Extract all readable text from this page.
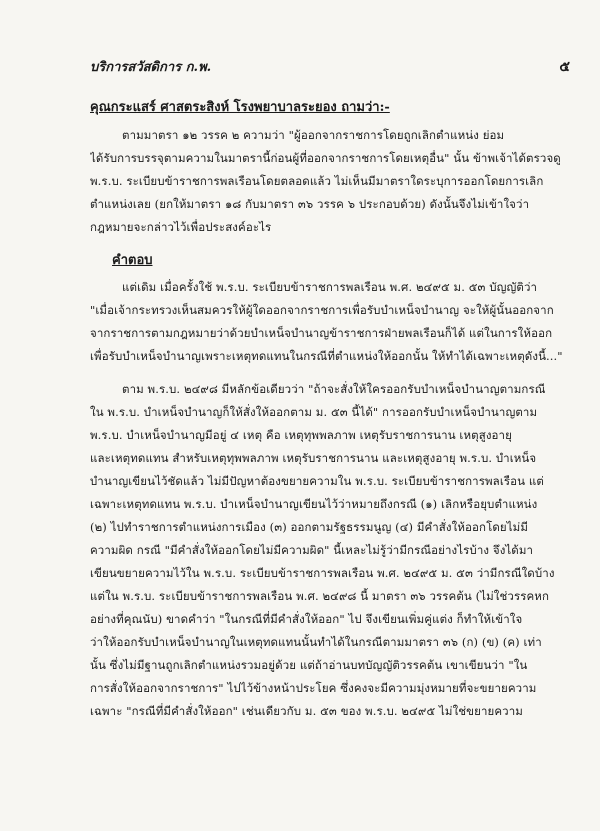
บริการสวัสดิการ ก.พ.	๕
คุณกระแสร์ ศาสตระสิงห์ โรงพยาบาลระยอง ถามว่า:-
ตามมาตรา ๑๒ วรรค ๒ ความว่า "ผู้ออกจากราชการโดยถูกเลิกตำแหน่ง ย่อม
ได้รับการบรรจุตามความในมาตรานี้ก่อนผู้ที่ออกจากราชการโดยเหตุอื่น" นั้น ข้าพเจ้าได้ตรวจดู
พ.ร.บ. ระเบียบข้าราชการพลเรือนโดยตลอดแล้ว ไม่เห็นมีมาตราใดระบุการออกโดยการเลิก
ตำแหน่งเลย (ยกให้มาตรา ๑๘ กับมาตรา ๓๖ วรรค ๖ ประกอบด้วย) ดังนั้นจึงไม่เข้าใจว่า
กฎหมายจะกล่าวไว้เพื่อประสงค์อะไร
คำตอบ
แต่เดิม เมื่อครั้งใช้ พ.ร.บ. ระเบียบข้าราชการพลเรือน พ.ศ. ๒๔๙๕ ม. ๕๓ บัญญัติว่า
"เมื่อเจ้ากระทรวงเห็นสมควรให้ผู้ใดออกจากราชการเพื่อรับบำเหน็จบำนาญ จะให้ผู้นั้นออกจาก
จากราชการตามกฎหมายว่าด้วยบำเหน็จบำนาญข้าราชการฝ่ายพลเรือนก็ได้ แต่ในการให้ออก
เพื่อรับบำเหน็จบำนาญเพราะเหตุทดแทนในกรณีที่ตำแหน่งให้ออกนั้น ให้ทำได้เฉพาะเหตุดังนี้..."
ตาม พ.ร.บ. ๒๔๙๘ มีหลักข้อเดียวว่า "ถ้าจะสั่งให้ใครออกรับบำเหน็จบำนาญตามกรณี
ใน พ.ร.บ. บำเหน็จบำนาญก็ให้สั่งให้ออกตาม ม. ๕๓ นี้ได้" การออกรับบำเหน็จบำนาญตาม
พ.ร.บ. บำเหน็จบำนาญมีอยู่ ๔ เหตุ คือ เหตุทุพพลภาพ เหตุรับราชการนาน เหตุสูงอายุ
และเหตุทดแทน สำหรับเหตุทุพพลภาพ เหตุรับราชการนาน และเหตุสูงอายุ พ.ร.บ. บำเหน็จ
บำนาญเขียนไว้ชัดแล้ว ไม่มีปัญหาต้องขยายความใน พ.ร.บ. ระเบียบข้าราชการพลเรือน แต่
เฉพาะเหตุทดแทน พ.ร.บ. บำเหน็จบำนาญเขียนไว้ว่าหมายถึงกรณี (๑) เลิกหรือยุบตำแหน่ง
(๒) ไปทำราชการตำแหน่งการเมือง (๓) ออกตามรัฐธรรมนูญ (๔) มีคำสั่งให้ออกโดยไม่มี
ความผิด กรณี "มีคำสั่งให้ออกโดยไม่มีความผิด" นี้เหละไม่รู้ว่ามีกรณีอย่างไรบ้าง จึงได้มา
เขียนขยายความไว้ใน พ.ร.บ. ระเบียบข้าราชการพลเรือน พ.ศ. ๒๔๙๕ ม. ๕๓ ว่ามีกรณีใดบ้าง
แต่ใน พ.ร.บ. ระเบียบข้าราชการพลเรือน พ.ศ. ๒๔๙๘ นี้ มาตรา ๓๖ วรรคต้น (ไม่ใช่วรรคหก
อย่างที่คุณนับ) ขาดคำว่า "ในกรณีที่มีคำสั่งให้ออก" ไป จึงเขียนเพิ่มคู่แต่ง ก็ทำให้เข้าใจ
ว่าให้ออกรับบำเหน็จบำนาญในเหตุทดแทนนั้นทำได้ในกรณีตามมาตรา ๓๖ (ก) (ข) (ค) เท่า
นั้น ซึ่งไม่มีฐานถูกเลิกตำแหน่งรวมอยู่ด้วย แต่ถ้าอ่านบทบัญญัติวรรคต้น เขาเขียนว่า "ใน
การสั่งให้ออกจากราชการ" ไปไว้ข้างหน้าประโยค ซึ่งคงจะมีความมุ่งหมายที่จะขยายความ
เฉพาะ "กรณีที่มีคำสั่งให้ออก" เช่นเดียวกับ ม. ๕๓ ของ พ.ร.บ. ๒๔๙๕ ไม่ใช่ขยายความ
